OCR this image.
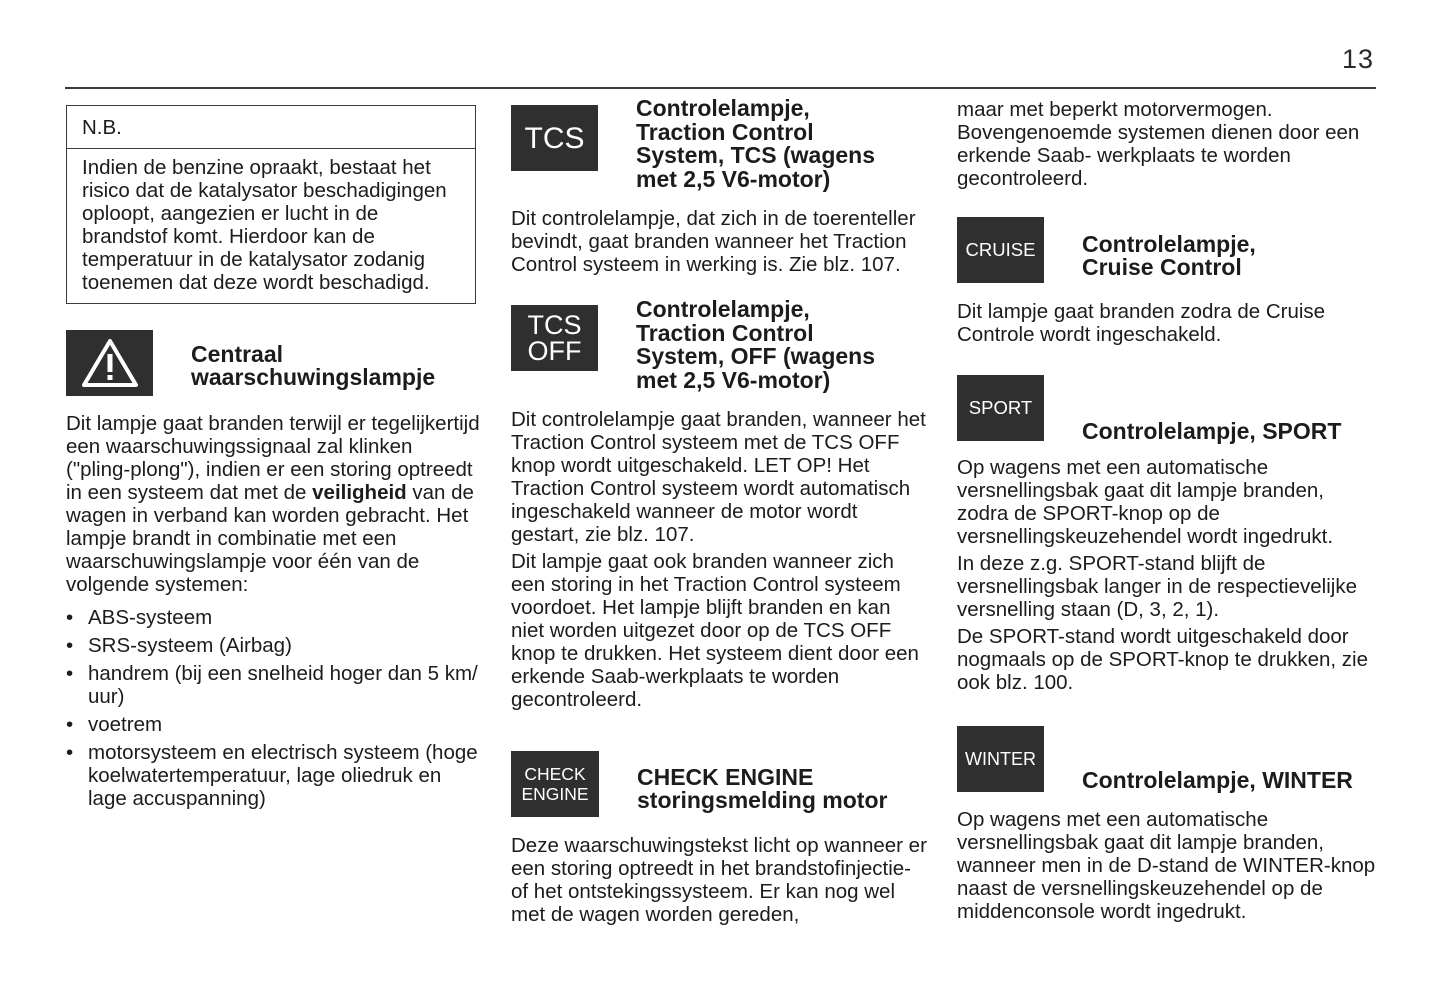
13
N.B.

Indien de benzine opraakt, bestaat het risico dat de katalysator beschadigingen oploopt, aangezien er lucht in de brandstof komt. Hierdoor kan de temperatuur in de katalysator zodanig toenemen dat deze wordt beschadigd.

Centraal
waarschuwingslampje

Dit lampje gaat branden terwijl er tegelijkertijd een waarschuwingssignaal zal klinken ("pling-plong"), indien er een storing optreedt in een systeem dat met de veiligheid van de wagen in verband kan worden gebracht. Het lampje brandt in combinatie met een waarschuwingslampje voor één van de volgende systemen:

• ABS-systeem
• SRS-systeem (Airbag)
• handrem (bij een snelheid hoger dan 5 km/ uur)
• voetrem
• motorsysteem en electrisch systeem (hoge koelwatertemperatuur, lage oliedruk en lage accuspanning)
TCS
Controlelampje,
Traction Control
System, TCS (wagens
met 2,5 V6-motor)

Dit controlelampje, dat zich in de toerenteller bevindt, gaat branden wanneer het Traction Control systeem in werking is. Zie blz. 107.

TCS
OFF
Controlelampje,
Traction Control
System, OFF (wagens
met 2,5 V6-motor)

Dit controlelampje gaat branden, wanneer het Traction Control systeem met de TCS OFF knop wordt uitgeschakeld. LET OP! Het Traction Control systeem wordt automatisch ingeschakeld wanneer de motor wordt gestart, zie blz. 107.

Dit lampje gaat ook branden wanneer zich een storing in het Traction Control systeem voordoet. Het lampje blijft branden en kan niet worden uitgezet door op de TCS OFF knop te drukken. Het systeem dient door een erkende Saab-werkplaats te worden gecontroleerd.

CHECK
ENGINE
CHECK ENGINE
storingsmelding motor

Deze waarschuwingstekst licht op wanneer er een storing optreedt in het brandstofinjectie- of het ontstekingssysteem. Er kan nog wel met de wagen worden gereden,

maar met beperkt motorvermogen. Bovengenoemde systemen dienen door een erkende Saab- werkplaats te worden gecontroleerd.

CRUISE	Controlelampje,
Cruise Control

Dit lampje gaat branden zodra de Cruise Controle wordt ingeschakeld.

SPORT
Controlelampje, SPORT

Op wagens met een automatische versnellingsbak gaat dit lampje branden, zodra de SPORT-knop op de versnellingskeuzehendel wordt ingedrukt.

In deze z.g. SPORT-stand blijft de versnellingsbak langer in de respectievelijke versnelling staan (D, 3, 2, 1).

De SPORT-stand wordt uitgeschakeld door nogmaals op de SPORT-knop te drukken, zie ook blz. 100.

WINTER
Controlelampje, WINTER

Op wagens met een automatische versnellingsbak gaat dit lampje branden, wanneer men in de D-stand de WINTER-knop naast de versnellingskeuzehendel op de middenconsole wordt ingedrukt.
